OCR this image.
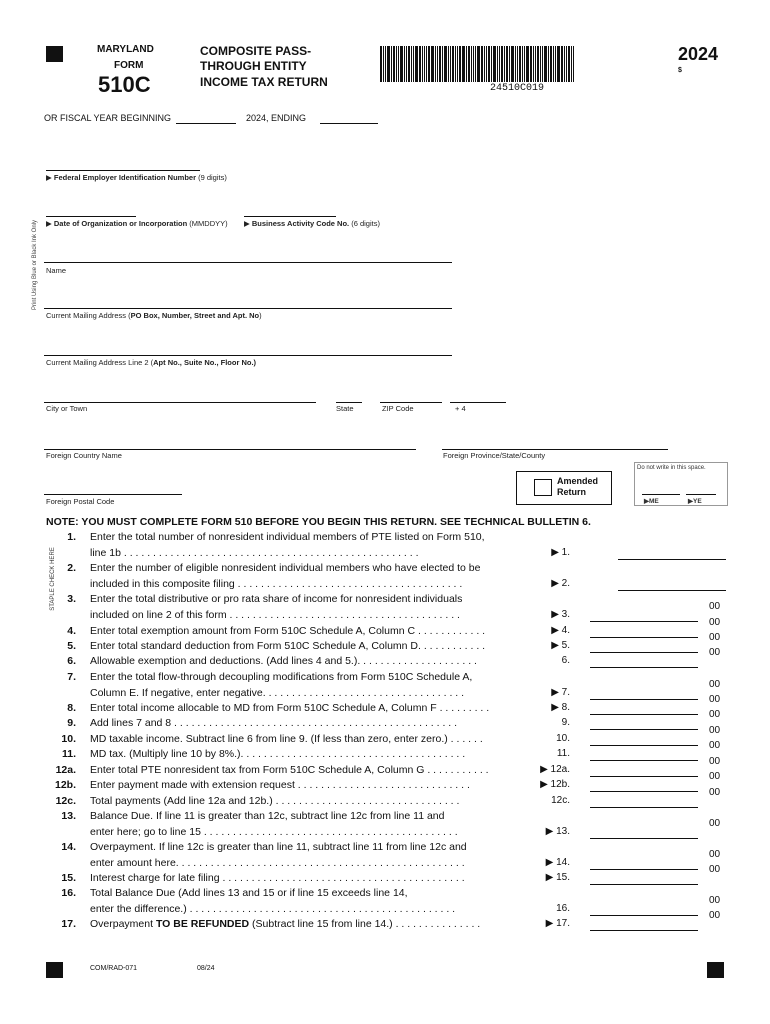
MARYLAND
FORM
510C
COMPOSITE PASS-
THROUGH ENTITY
INCOME TAX RETURN	24510C019
2024
$
OR FISCAL YEAR BEGINNING	2024, ENDING
Print Using Blue or Black Ink Only
▶ Federal Employer Identification Number (9 digits)
▶ Date of Organization or Incorporation (MMDDYY) ▶ Business Activity Code No. (6 digits)
Name
Current Mailing Address (PO Box, Number, Street and Apt. No)
Current Mailing Address Line 2 (Apt No., Suite No., Floor No.)
City or Town	State	ZIP Code	+ 4
Foreign Country Name	Foreign Province/State/County
Foreign Postal Code
Amended
Return
Do not write in this space.
▶ME	▶YE
NOTE: YOU MUST COMPLETE FORM 510 BEFORE YOU BEGIN THIS RETURN. SEE TECHNICAL BULLETIN 6.
STAPLE CHECK HERE
1. Enter the total number of nonresident individual members of PTE listed on Form 510,
line 1b . . . . . . . . . . . . . . . . . . . . . . . . . . . . . . . . . . . . . . . . . . . . . . . . . . .	▶ 1.
2. Enter the number of eligible nonresident individual members who have elected to be
included in this composite filing . . . . . . . . . . . . . . . . . . . . . . . . . . . . . . . . . . . . . . .	▶ 2.
3. Enter the total distributive or pro rata share of income for nonresident individuals
included on line 2 of this form . . . . . . . . . . . . . . . . . . . . . . . . . . . . . . . . . . . . . . . .	▶ 3.
00
4. Enter total exemption amount from Form 510C Schedule A, Column C . . . . . . . . . . . .	▶ 4.
00
5. Enter total standard deduction from Form 510C Schedule A, Column D. . . . . . . . . . . .	▶ 5.
00
6. Allowable exemption and deductions. (Add lines 4 and 5.). . . . . . . . . . . . . . . . . . . . .	6.
00
7. Enter the total flow-through decoupling modifications from Form 510C Schedule A,
Column E. If negative, enter negative. . . . . . . . . . . . . . . . . . . . . . . . . . . . . . . . . . .	▶ 7.
00
8. Enter total income allocable to MD from Form 510C Schedule A, Column F . . . . . . . . .	▶ 8.
00
9. Add lines 7 and 8 . . . . . . . . . . . . . . . . . . . . . . . . . . . . . . . . . . . . . . . . . . . . . . . . .	9.
00
10. MD taxable income. Subtract line 6 from line 9. (If less than zero, enter zero.) . . . . . .	10.
00
11. MD tax. (Multiply line 10 by 8%.). . . . . . . . . . . . . . . . . . . . . . . . . . . . . . . . . . . . . . .	11.
00
12a. Enter total PTE nonresident tax from Form 510C Schedule A, Column G . . . . . . . . . . .	▶ 12a.
00
12b. Enter payment made with extension request . . . . . . . . . . . . . . . . . . . . . . . . . . . . . .	▶ 12b.
00
12c. Total payments (Add line 12a and 12b.) . . . . . . . . . . . . . . . . . . . . . . . . . . . . . . . .	12c.
00
13. Balance Due. If line 11 is greater than 12c, subtract line 12c from line 11 and
enter here; go to line 15 . . . . . . . . . . . . . . . . . . . . . . . . . . . . . . . . . . . . . . . . . . . .	▶ 13.
00
14. Overpayment. If line 12c is greater than line 11, subtract line 11 from line 12c and
enter amount here. . . . . . . . . . . . . . . . . . . . . . . . . . . . . . . . . . . . . . . . . . . . . . . . . .	▶ 14.
00
15. Interest charge for late filing . . . . . . . . . . . . . . . . . . . . . . . . . . . . . . . . . . . . . . . . . .	▶ 15.
00
16. Total Balance Due (Add lines 13 and 15 or if line 15 exceeds line 14,
enter the difference.) . . . . . . . . . . . . . . . . . . . . . . . . . . . . . . . . . . . . . . . . . . . . . .	16.
00
17. Overpayment TO BE REFUNDED (Subtract line 15 from line 14.) . . . . . . . . . . . . . . .	▶ 17.
00
COM/RAD-071	08/24
